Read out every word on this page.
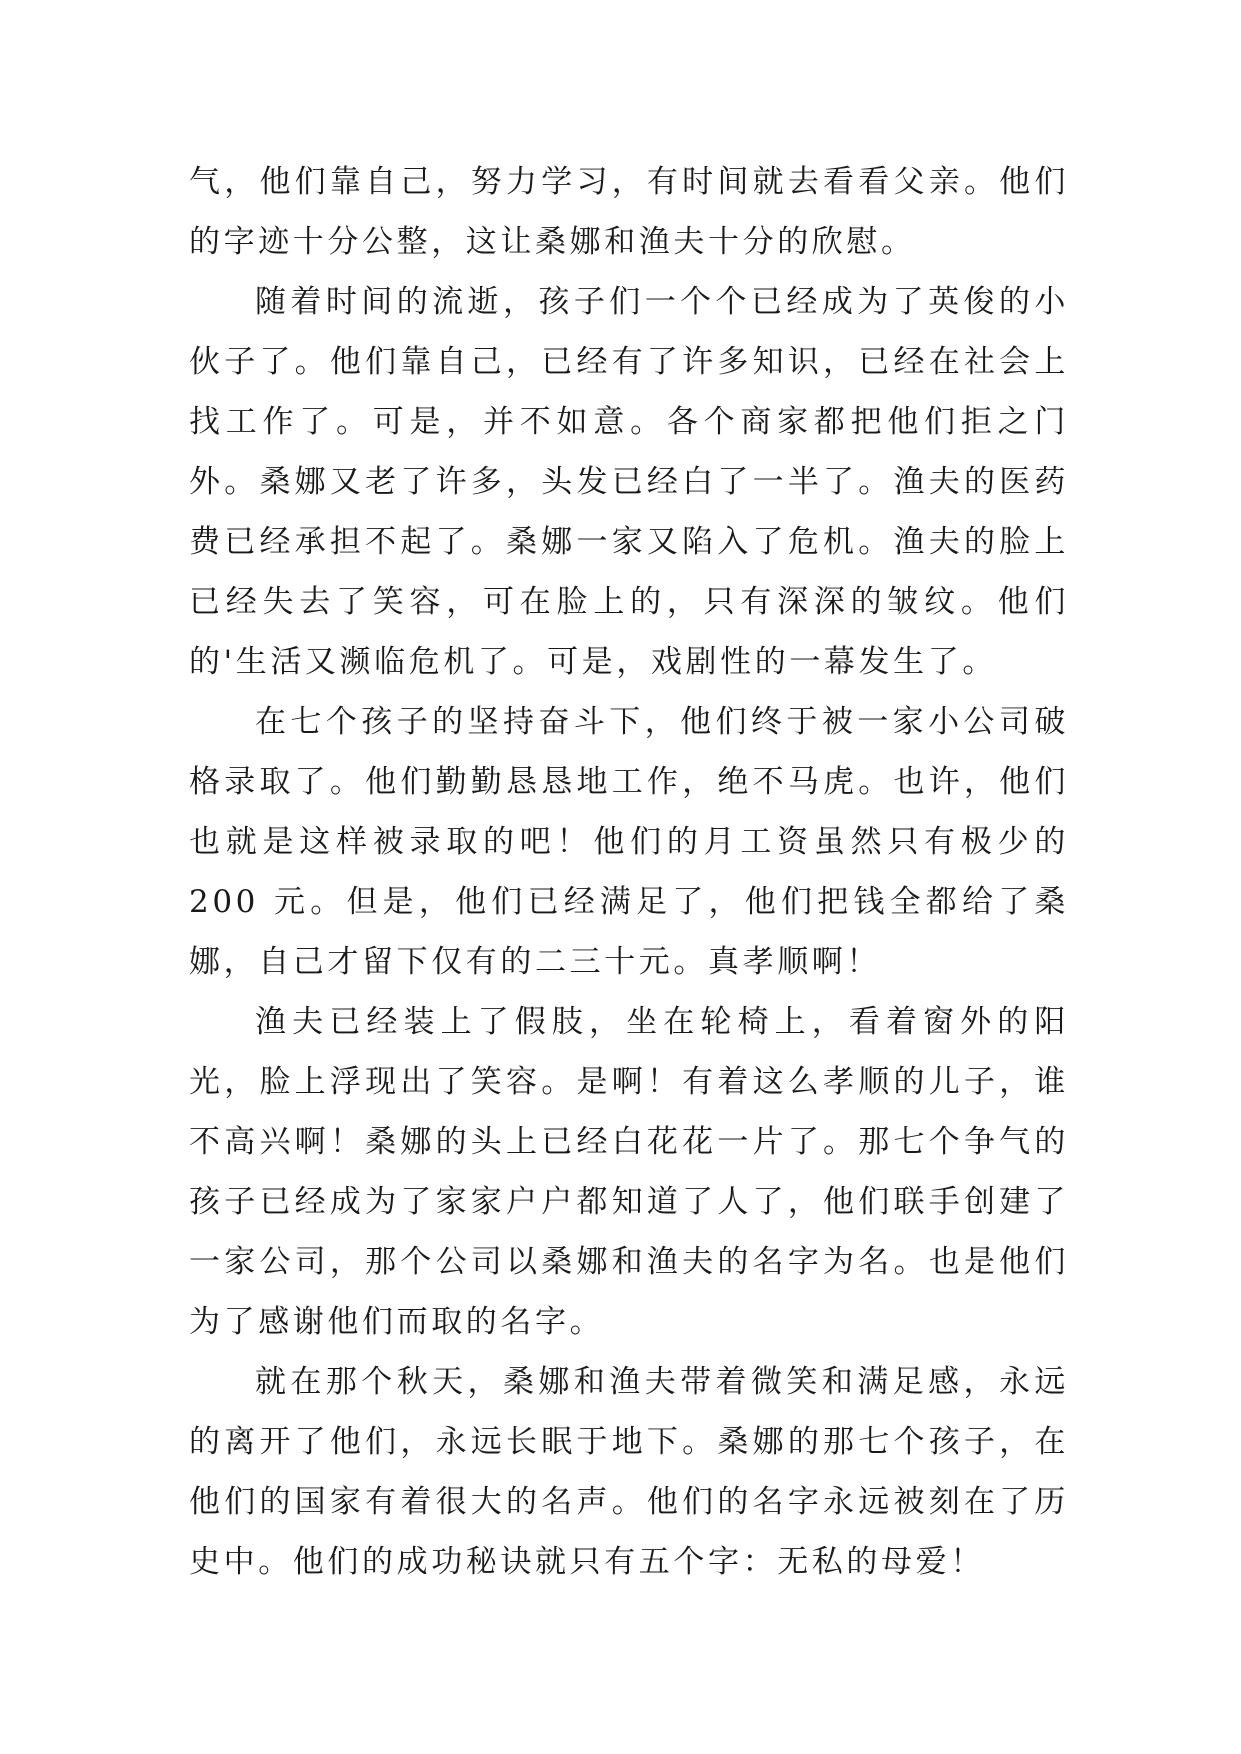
气，他们靠自己，努力学习，有时间就去看看父亲。他们的字迹十分公整，这让桑娜和渔夫十分的欣慰。

随着时间的流逝，孩子们一个个已经成为了英俊的小伙子了。他们靠自己，已经有了许多知识，已经在社会上找工作了。可是，并不如意。各个商家都把他们拒之门外。桑娜又老了许多，头发已经白了一半了。渔夫的医药费已经承担不起了。桑娜一家又陷入了危机。渔夫的脸上已经失去了笑容，可在脸上的，只有深深的皱纹。他们的'生活又濒临危机了。可是，戏剧性的一幕发生了。

在七个孩子的坚持奋斗下，他们终于被一家小公司破格录取了。他们勤勤恳恳地工作，绝不马虎。也许，他们也就是这样被录取的吧！他们的月工资虽然只有极少的 200 元。但是，他们已经满足了，他们把钱全都给了桑娜，自己才留下仅有的二三十元。真孝顺啊！

渔夫已经装上了假肢，坐在轮椅上，看着窗外的阳光，脸上浮现出了笑容。是啊！有着这么孝顺的儿子，谁不高兴啊！桑娜的头上已经白花花一片了。那七个争气的孩子已经成为了家家户户都知道了人了，他们联手创建了一家公司，那个公司以桑娜和渔夫的名字为名。也是他们为了感谢他们而取的名字。

就在那个秋天，桑娜和渔夫带着微笑和满足感，永远的离开了他们，永远长眠于地下。桑娜的那七个孩子，在他们的国家有着很大的名声。他们的名字永远被刻在了历史中。他们的成功秘诀就只有五个字：无私的母爱！
